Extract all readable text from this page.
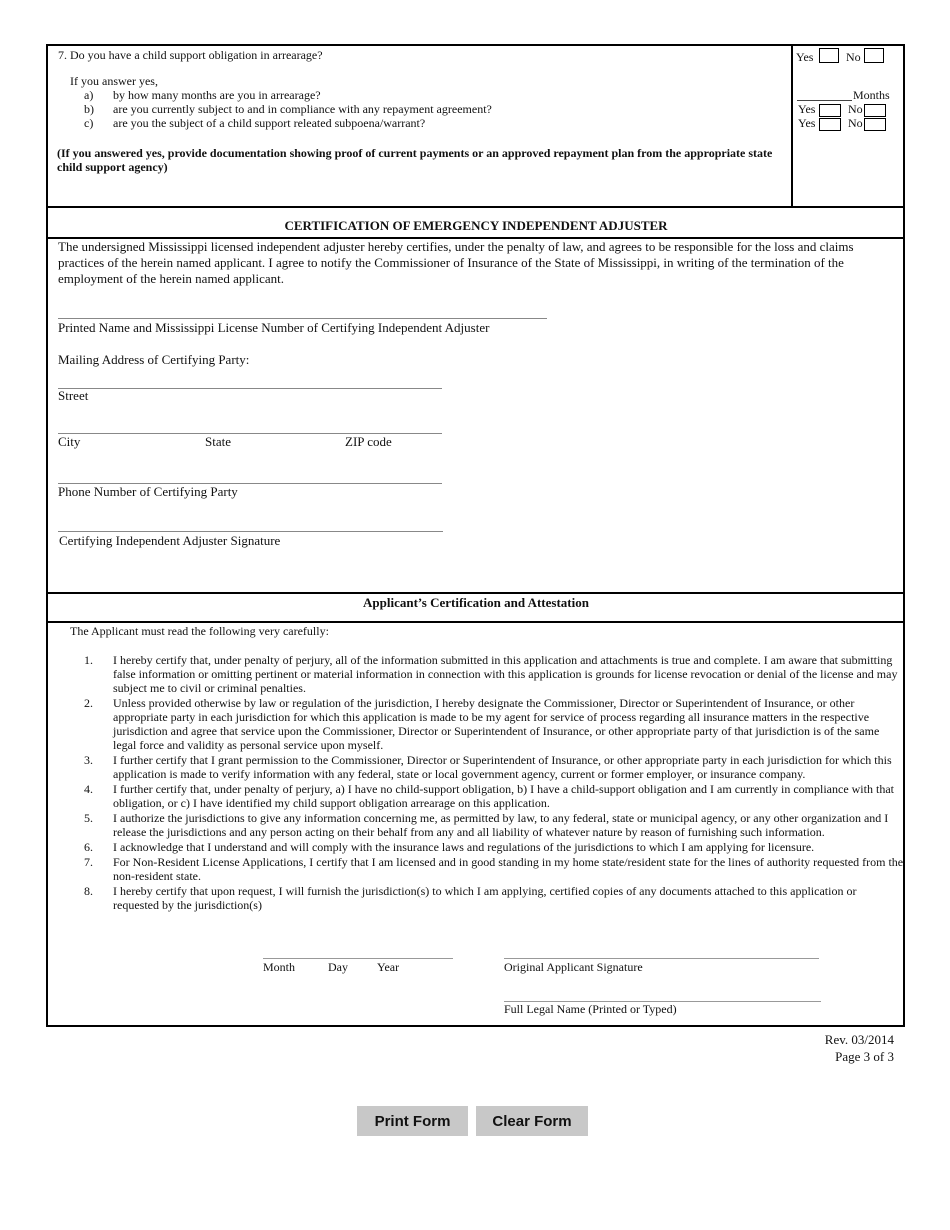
7. Do you have a child support obligation in arrearage?
If you answer yes,
a) by how many months are you in arrearage?
b) are you currently subject to and in compliance with any repayment agreement?
c) are you the subject of a child support releated subpoena/warrant?
(If you answered yes, provide documentation showing proof of current payments or an approved repayment plan from the appropriate state child support agency)
Yes	No
Months
Yes	No
Yes	No
CERTIFICATION OF EMERGENCY INDEPENDENT ADJUSTER
The undersigned Mississippi licensed independent adjuster hereby certifies, under the penalty of law, and agrees to be responsible for the loss and claims practices of the herein named applicant. I agree to notify the Commissioner of Insurance of the State of Mississippi, in writing of the termination of the employment of the herein named applicant.
Printed Name and Mississippi License Number of Certifying Independent Adjuster
Mailing Address of Certifying Party:
Street
City	State	ZIP code
Phone Number of Certifying Party
Certifying Independent Adjuster Signature
Applicant’s Certification and Attestation
The Applicant must read the following very carefully:
1. I hereby certify that, under penalty of perjury, all of the information submitted in this application and attachments is true and complete. I am aware that submitting false information or omitting pertinent or material information in connection with this application is grounds for license revocation or denial of the license and may subject me to civil or criminal penalties.
2. Unless provided otherwise by law or regulation of the jurisdiction, I hereby designate the Commissioner, Director or Superintendent of Insurance, or other appropriate party in each jurisdiction for which this application is made to be my agent for service of process regarding all insurance matters in the respective jurisdiction and agree that service upon the Commissioner, Director or Superintendent of Insurance, or other appropriate party of that jurisdiction is of the same legal force and validity as personal service upon myself.
3. I further certify that I grant permission to the Commissioner, Director or Superintendent of Insurance, or other appropriate party in each jurisdiction for which this application is made to verify information with any federal, state or local government agency, current or former employer, or insurance company.
4. I further certify that, under penalty of perjury, a) I have no child-support obligation, b) I have a child-support obligation and I am currently in compliance with that obligation, or c) I have identified my child support obligation arrearage on this application.
5. I authorize the jurisdictions to give any information concerning me, as permitted by law, to any federal, state or municipal agency, or any other organization and I release the jurisdictions and any person acting on their behalf from any and all liability of whatever nature by reason of furnishing such information.
6. I acknowledge that I understand and will comply with the insurance laws and regulations of the jurisdictions to which I am applying for licensure.
7. For Non-Resident License Applications, I certify that I am licensed and in good standing in my home state/resident state for the lines of authority requested from the non-resident state.
8. I hereby certify that upon request, I will furnish the jurisdiction(s) to which I am applying, certified copies of any documents attached to this application or requested by the jurisdiction(s)
Month	Day Year	Original Applicant Signature
Full Legal Name (Printed or Typed)
Rev. 03/2014
Page 3 of 3
Print Form	Clear Form
